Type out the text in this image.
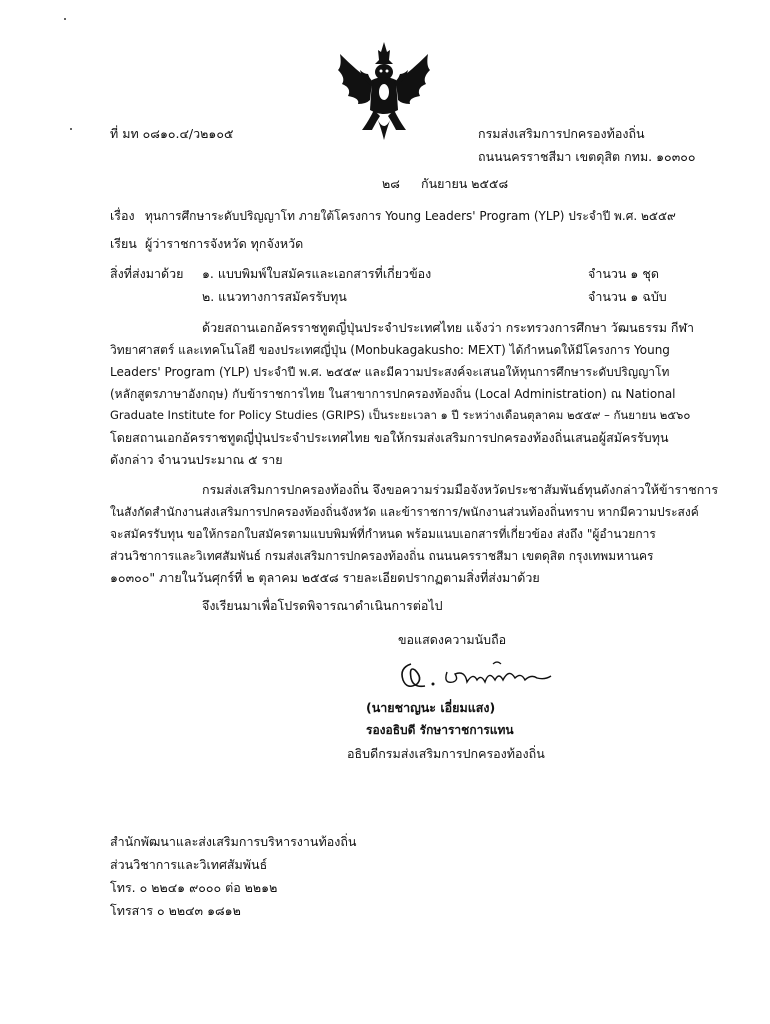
ที่ มท ๐๘๑๐.๔/ว๒๑๐๕	กรมส่งเสริมการปกครองท้องถิ่น
ถนนนครราชสีมา เขตดุสิต กทม. ๑๐๓๐๐
๒๘ กันยายน ๒๕๕๘
เรื่อง ทุนการศึกษาระดับปริญญาโท ภายใต้โครงการ Young Leaders' Program (YLP) ประจำปี พ.ศ. ๒๕๕๙
เรียน ผู้ว่าราชการจังหวัด ทุกจังหวัด
สิ่งที่ส่งมาด้วย ๑. แบบพิมพ์ใบสมัครและเอกสารที่เกี่ยวข้อง	จำนวน ๑ ชุด
๒. แนวทางการสมัครรับทุน	จำนวน ๑ ฉบับ
ด้วยสถานเอกอัครราชทูตญี่ปุ่นประจำประเทศไทย แจ้งว่า กระทรวงการศึกษา วัฒนธรรม กีฬา
วิทยาศาสตร์ และเทคโนโลยี ของประเทศญี่ปุ่น (Monbukagakusho: MEXT) ได้กำหนดให้มีโครงการ Young
Leaders' Program (YLP) ประจำปี พ.ศ. ๒๕๕๙ และมีความประสงค์จะเสนอให้ทุนการศึกษาระดับปริญญาโท
(หลักสูตรภาษาอังกฤษ) กับข้าราชการไทย ในสาขาการปกครองท้องถิ่น (Local Administration) ณ National
Graduate Institute for Policy Studies (GRIPS) เป็นระยะเวลา ๑ ปี ระหว่างเดือนตุลาคม ๒๕๕๙ – กันยายน ๒๕๖๐
โดยสถานเอกอัครราชทูตญี่ปุ่นประจำประเทศไทย ขอให้กรมส่งเสริมการปกครองท้องถิ่นเสนอผู้สมัครรับทุน
ดังกล่าว จำนวนประมาณ ๕ ราย
กรมส่งเสริมการปกครองท้องถิ่น จึงขอความร่วมมือจังหวัดประชาสัมพันธ์ทุนดังกล่าวให้ข้าราชการ
ในสังกัดสำนักงานส่งเสริมการปกครองท้องถิ่นจังหวัด และข้าราชการ/พนักงานส่วนท้องถิ่นทราบ หากมีความประสงค์
จะสมัครรับทุน ขอให้กรอกใบสมัครตามแบบพิมพ์ที่กำหนด พร้อมแนบเอกสารที่เกี่ยวข้อง ส่งถึง "ผู้อำนวยการ
ส่วนวิชาการและวิเทศสัมพันธ์ กรมส่งเสริมการปกครองท้องถิ่น ถนนนครราชสีมา เขตดุสิต กรุงเทพมหานคร
๑๐๓๐๐" ภายในวันศุกร์ที่ ๒ ตุลาคม ๒๕๕๘ รายละเอียดปรากฏตามสิ่งที่ส่งมาด้วย
จึงเรียนมาเพื่อโปรดพิจารณาดำเนินการต่อไป
ขอแสดงความนับถือ
(นายชาญนะ เอี่ยมแสง)
รองอธิบดี รักษาราชการแทน
อธิบดีกรมส่งเสริมการปกครองท้องถิ่น
สำนักพัฒนาและส่งเสริมการบริหารงานท้องถิ่น
ส่วนวิชาการและวิเทศสัมพันธ์
โทร. ๐ ๒๒๔๑ ๙๐๐๐ ต่อ ๒๒๑๒
โทรสาร ๐ ๒๒๔๓ ๑๘๑๒
